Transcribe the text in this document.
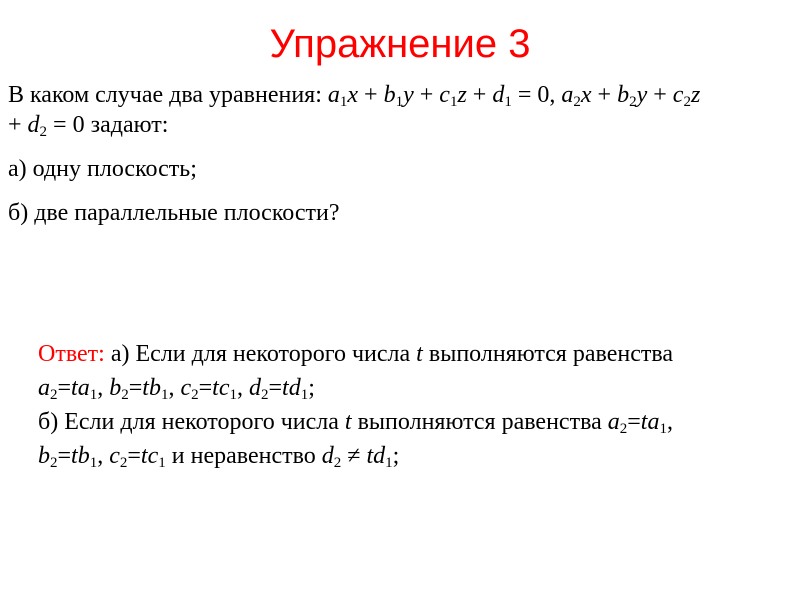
Упражнение 3
В каком случае два уравнения: $a_1x + b_1y + c_1z + d_1 = 0$, $a_2x + b_2y + c_2z$
+ $d_2 = 0$ задают:
а) одну плоскость;
б) две параллельные плоскости?
Ответ: а) Если для некоторого числа t выполняются равенства
$a_2=ta_1$, $b_2=tb_1$, $c_2=tc_1$, $d_2=td_1$;
б) Если для некоторого числа t выполняются равенства $a_2=ta_1$,
$b_2=tb_1$, $c_2=tc_1$ и неравенство $d_2 \ne td_1$;
